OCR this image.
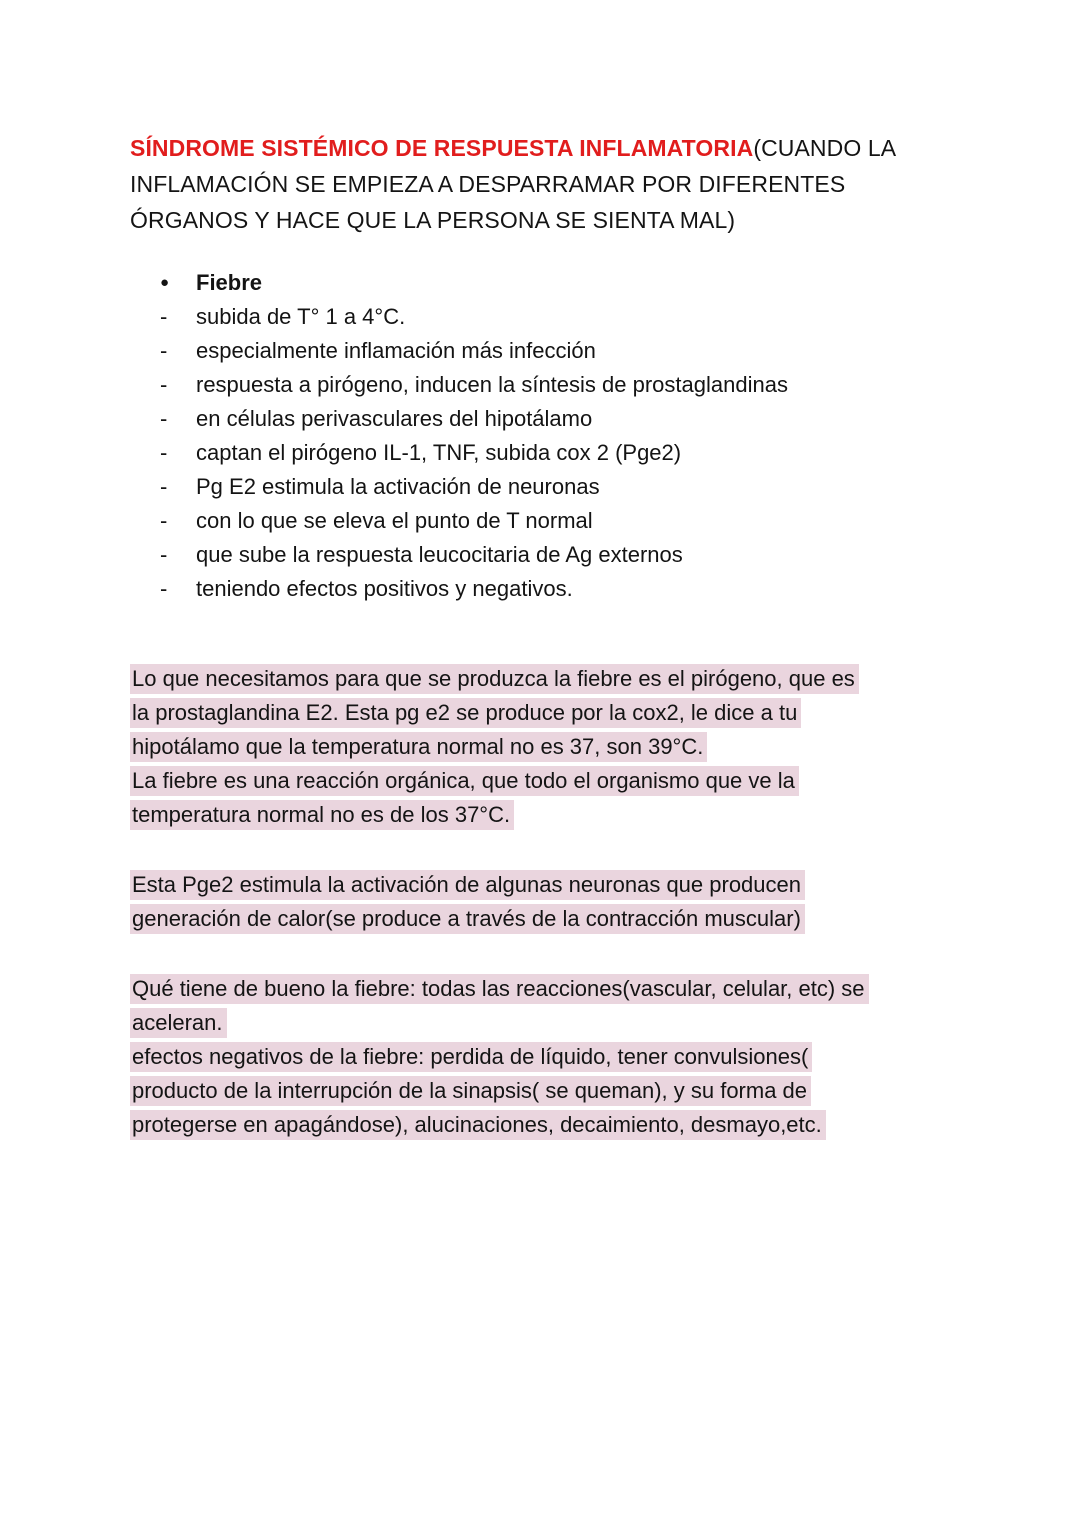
SÍNDROME SISTÉMICO DE RESPUESTA INFLAMATORIA(CUANDO LA INFLAMACIÓN SE EMPIEZA A DESPARRAMAR POR DIFERENTES ÓRGANOS Y HACE QUE LA PERSONA SE SIENTA MAL)

●	Fiebre
-	subida de T° 1 a 4°C.
-	especialmente inflamación más infección
-	respuesta a pirógeno, inducen la síntesis de prostaglandinas
-	en células perivasculares del hipotálamo
-	captan el pirógeno IL-1, TNF, subida cox 2 (Pge2)
-	Pg E2 estimula la activación de neuronas
-	con lo que se eleva el punto de T normal
-	que sube la respuesta leucocitaria de Ag externos
-	teniendo efectos positivos y negativos.
Lo que necesitamos para que se produzca la fiebre es el pirógeno, que es
la prostaglandina E2. Esta pg e2 se produce por la cox2, le dice a tu
hipotálamo que la temperatura normal no es 37, son 39°C.
La fiebre es una reacción orgánica, que todo el organismo que ve la
temperatura normal no es de los 37°C.
Esta Pge2 estimula la activación de algunas neuronas que producen
generación de calor(se produce a través de la contracción muscular)
Qué tiene de bueno la fiebre: todas las reacciones(vascular, celular, etc) se
aceleran.
efectos negativos de la fiebre: perdida de líquido, tener convulsiones(
producto de la interrupción de la sinapsis( se queman), y su forma de
protegerse en apagándose), alucinaciones, decaimiento, desmayo,etc.
